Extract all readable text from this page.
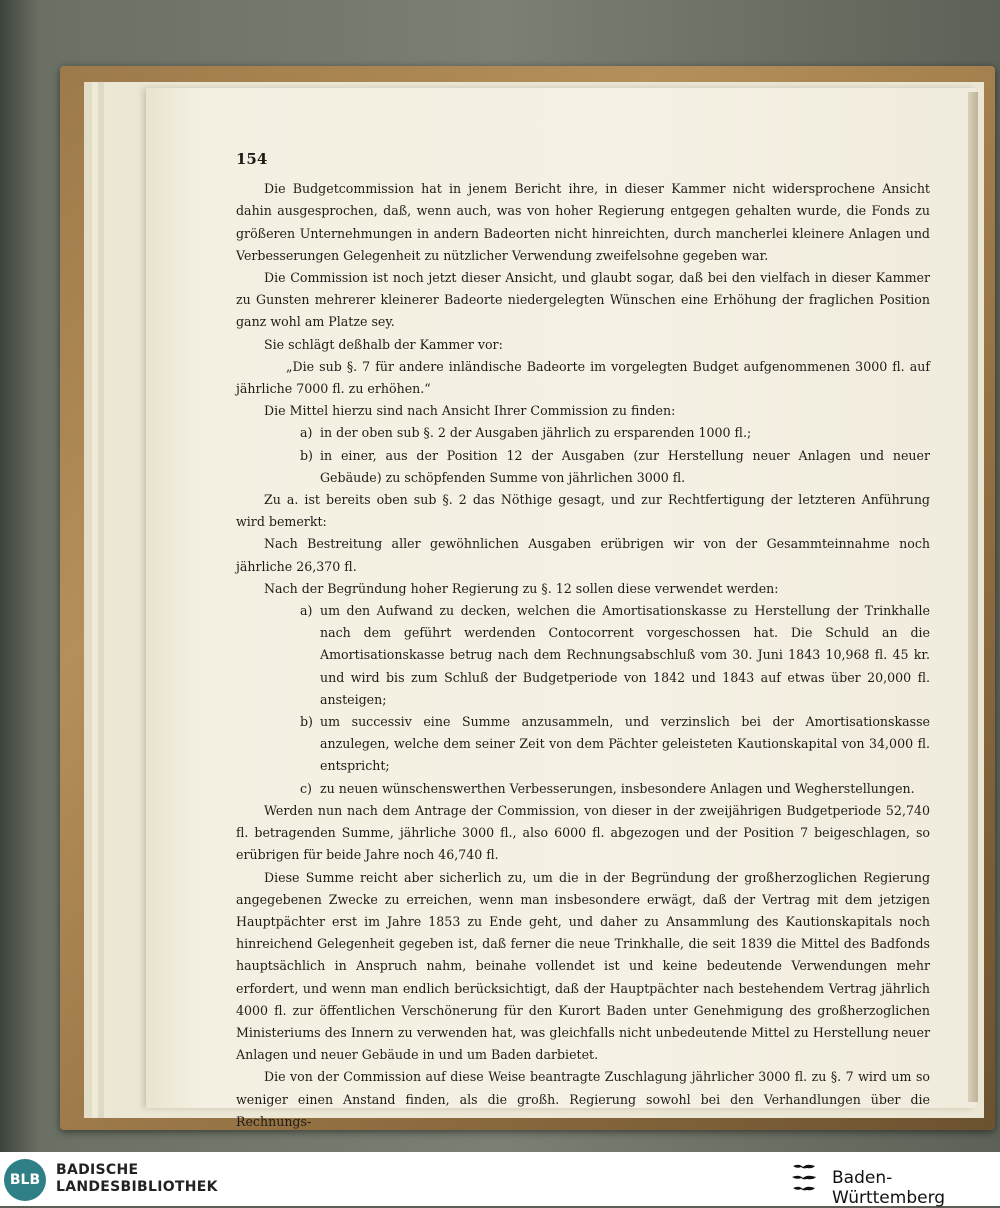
154

Die Budgetcommission hat in jenem Bericht ihre, in dieser Kammer nicht widersprochene Ansicht dahin ausgesprochen, daß, wenn auch, was von hoher Regierung entgegen gehalten wurde, die Fonds zu größeren Unternehmungen in andern Badeorten nicht hinreichten, durch mancherlei kleinere Anlagen und Verbesserungen Gelegenheit zu nützlicher Verwendung zweifelsohne gegeben war.

Die Commission ist noch jetzt dieser Ansicht, und glaubt sogar, daß bei den vielfach in dieser Kammer zu Gunsten mehrerer kleinerer Badeorte niedergelegten Wünschen eine Erhöhung der fraglichen Position ganz wohl am Platze sey.

Sie schlägt deßhalb der Kammer vor:

„Die sub §. 7 für andere inländische Badeorte im vorgelegten Budget aufgenommenen 3000 fl. auf jährliche 7000 fl. zu erhöhen.“

Die Mittel hierzu sind nach Ansicht Ihrer Commission zu finden:

a) in der oben sub §. 2 der Ausgaben jährlich zu ersparenden 1000 fl.;

b) in einer, aus der Position 12 der Ausgaben (zur Herstellung neuer Anlagen und neuer Gebäude) zu schöpfenden Summe von jährlichen 3000 fl.

Zu a. ist bereits oben sub §. 2 das Nöthige gesagt, und zur Rechtfertigung der letzteren Anführung wird bemerkt:

Nach Bestreitung aller gewöhnlichen Ausgaben erübrigen wir von der Gesammteinnahme noch jährliche 26,370 fl.

Nach der Begründung hoher Regierung zu §. 12 sollen diese verwendet werden:

a) um den Aufwand zu decken, welchen die Amortisationskasse zu Herstellung der Trinkhalle nach dem geführt werdenden Contocorrent vorgeschossen hat. Die Schuld an die Amortisationskasse betrug nach dem Rechnungsabschluß vom 30. Juni 1843 10,968 fl. 45 kr. und wird bis zum Schluß der Budgetperiode von 1842 und 1843 auf etwas über 20,000 fl. ansteigen;

b) um successiv eine Summe anzusammeln, und verzinslich bei der Amortisationskasse anzulegen, welche dem seiner Zeit von dem Pächter geleisteten Kautionskapital von 34,000 fl. entspricht;

c) zu neuen wünschenswerthen Verbesserungen, insbesondere Anlagen und Wegherstellungen.

Werden nun nach dem Antrage der Commission, von dieser in der zweijährigen Budgetperiode 52,740 fl. betragenden Summe, jährliche 3000 fl., also 6000 fl. abgezogen und der Position 7 beigeschlagen, so erübrigen für beide Jahre noch 46,740 fl.

Diese Summe reicht aber sicherlich zu, um die in der Begründung der großherzoglichen Regierung angegebenen Zwecke zu erreichen, wenn man insbesondere erwägt, daß der Vertrag mit dem jetzigen Hauptpächter erst im Jahre 1853 zu Ende geht, und daher zu Ansammlung des Kautionskapitals noch hinreichend Gelegenheit gegeben ist, daß ferner die neue Trinkhalle, die seit 1839 die Mittel des Badfonds hauptsächlich in Anspruch nahm, beinahe vollendet ist und keine bedeutende Verwendungen mehr erfordert, und wenn man endlich berücksichtigt, daß der Hauptpächter nach bestehendem Vertrag jährlich 4000 fl. zur öffentlichen Verschönerung für den Kurort Baden unter Genehmigung des großherzoglichen Ministeriums des Innern zu verwenden hat, was gleichfalls nicht unbedeutende Mittel zu Herstellung neuer Anlagen und neuer Gebäude in und um Baden darbietet.

Die von der Commission auf diese Weise beantragte Zuschlagung jährlicher 3000 fl. zu §. 7 wird um so weniger einen Anstand finden, als die großh. Regierung sowohl bei den Verhandlungen über die Rechnungs-

BLB
BADISCHE
LANDESBIBLIOTHEK	Baden-Württemberg
